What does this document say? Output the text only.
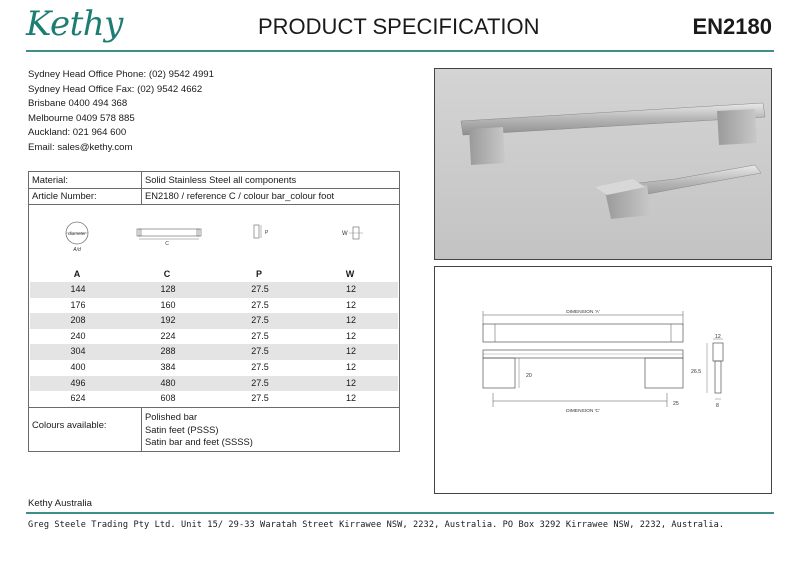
Kethy	PRODUCT SPECIFICATION	EN2180
Sydney Head Office Phone: (02) 9542 4991
Sydney Head Office Fax: (02) 9542 4662
Brisbane 0400 494 368
Melbourne 0409 578 885
Auckland: 021 964 600
Email: sales@kethy.com
Material:	Solid Stainless Steel all components
Article Number:	EN2180 / reference C / colour bar_colour foot
diameter
A/d
C
P	W
A	C	P	W
144	128	27.5	12
176	160	27.5	12
208	192	27.5	12
240	224	27.5	12
304	288	27.5	12
400	384	27.5	12
496	480	27.5	12
624	608	27.5	12
Colours available:
Polished bar
Satin feet (PSSS)
Satin bar and feet (SSSS)
DIMENSION 'A'
20
DIMENSION 'C'
25
12
26.5
8
Kethy Australia
Greg Steele Trading Pty Ltd. Unit 15/ 29-33 Waratah Street Kirrawee NSW, 2232, Australia. PO Box 3292 Kirrawee NSW, 2232, Australia.
